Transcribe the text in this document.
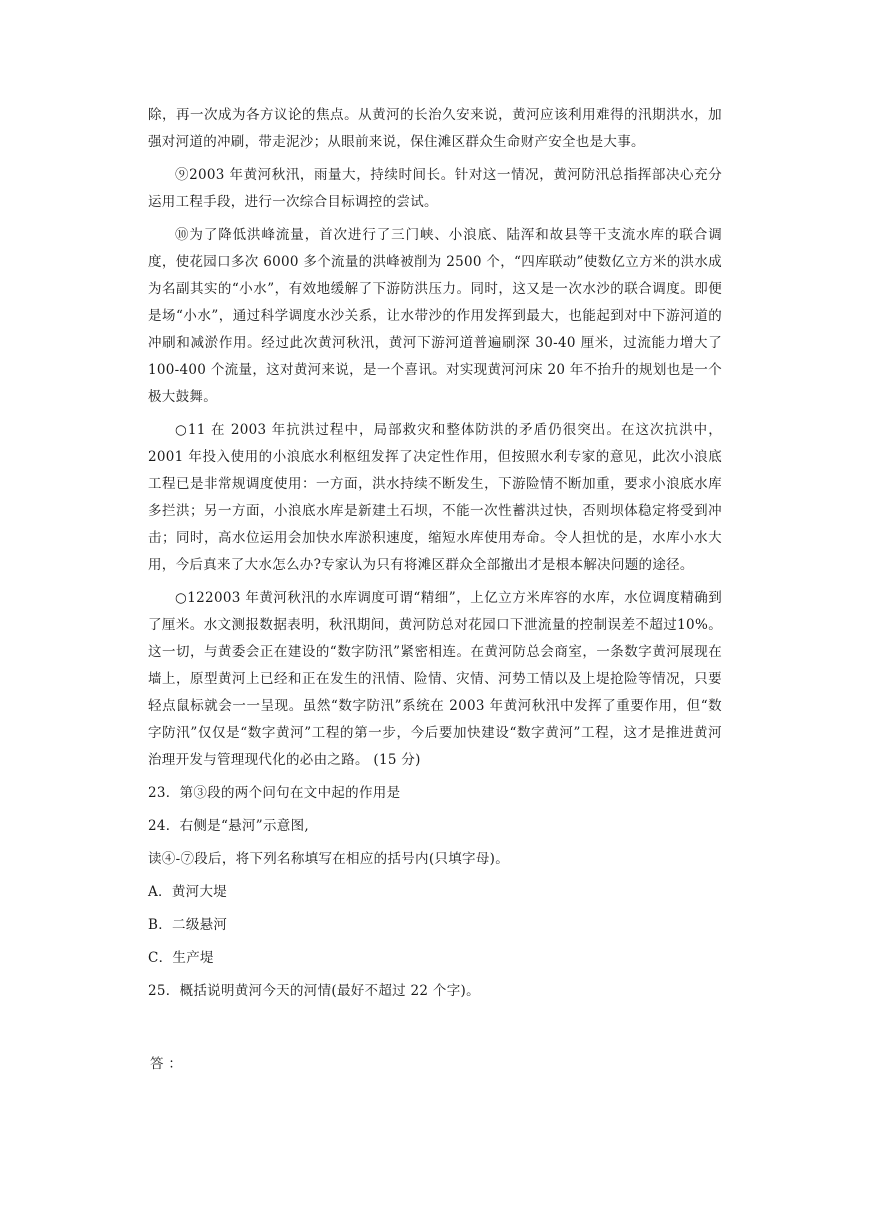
除，再一次成为各方议论的焦点。从黄河的长治久安来说，黄河应该利用难得的汛期洪水，加强对河道的冲刷，带走泥沙；从眼前来说，保住滩区群众生命财产安全也是大事。

⑨2003 年黄河秋汛，雨量大，持续时间长。针对这一情况，黄河防汛总指挥部决心充分运用工程手段，进行一次综合目标调控的尝试。

⑩为了降低洪峰流量，首次进行了三门峡、小浪底、陆浑和故县等干支流水库的联合调度，使花园口多次 6000 多个流量的洪峰被削为 2500 个，“四库联动”使数亿立方米的洪水成为名副其实的“小水”，有效地缓解了下游防洪压力。同时，这又是一次水沙的联合调度。即便是场“小水”，通过科学调度水沙关系，让水带沙的作用发挥到最大，也能起到对中下游河道的冲刷和减淤作用。经过此次黄河秋汛，黄河下游河道普遍刷深 30-40 厘米，过流能力增大了 100-400 个流量，这对黄河来说，是一个喜讯。对实现黄河河床 20 年不抬升的规划也是一个极大鼓舞。

○11 在 2003 年抗洪过程中，局部救灾和整体防洪的矛盾仍很突出。在这次抗洪中，2001 年投入使用的小浪底水利枢纽发挥了决定性作用，但按照水利专家的意见，此次小浪底工程已是非常规调度使用：一方面，洪水持续不断发生，下游险情不断加重，要求小浪底水库多拦洪；另一方面，小浪底水库是新建土石坝，不能一次性蓄洪过快，否则坝体稳定将受到冲击；同时，高水位运用会加快水库淤积速度，缩短水库使用寿命。令人担忧的是，水库小水大用，今后真来了大水怎么办?专家认为只有将滩区群众全部撤出才是根本解决问题的途径。

○122003 年黄河秋汛的水库调度可谓“精细”，上亿立方米库容的水库，水位调度精确到了厘米。水文测报数据表明，秋汛期间，黄河防总对花园口下泄流量的控制误差不超过10%。这一切，与黄委会正在建设的“数字防汛”紧密相连。在黄河防总会商室，一条数字黄河展现在墙上，原型黄河上已经和正在发生的汛情、险情、灾情、河势工情以及上堤抢险等情况，只要轻点鼠标就会一一呈现。虽然“数字防汛”系统在 2003 年黄河秋汛中发挥了重要作用，但“数字防汛”仅仅是“数字黄河”工程的第一步，今后要加快建设“数字黄河”工程，这才是推进黄河治理开发与管理现代化的必由之路。 (15 分)

23．第③段的两个问句在文中起的作用是
24．右侧是“悬河”示意图,
读④-⑦段后，将下列名称填写在相应的括号内(只填字母)。
A．黄河大堤
B．二级悬河
C．生产堤
25．概括说明黄河今天的河情(最好不超过 22 个字)。
答 ：
